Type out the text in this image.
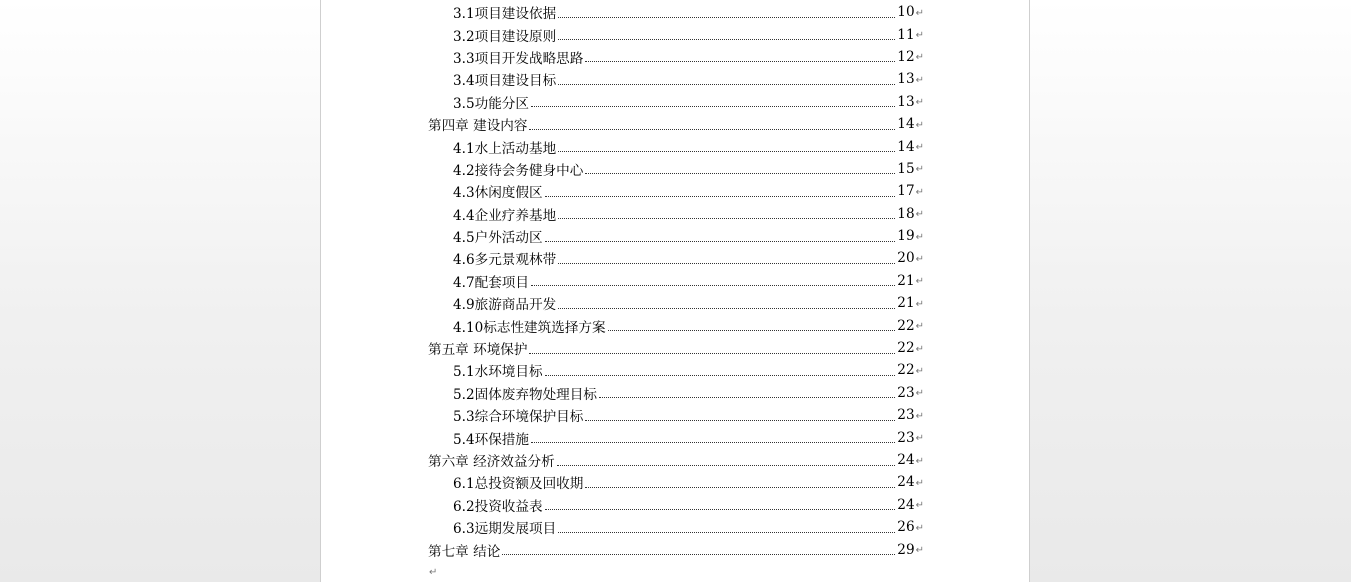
3.1项目建设依据	10 ↵
3.2项目建设原则	11 ↵
3.3项目开发战略思路	12 ↵
3.4项目建设目标	13 ↵
3.5功能分区	13 ↵
第四章 建设内容	14 ↵
4.1水上活动基地	14 ↵
4.2接待会务健身中心	15 ↵
4.3休闲度假区	17 ↵
4.4企业疗养基地	18 ↵
4.5户外活动区	19 ↵
4.6多元景观林带	20 ↵
4.7配套项目	21 ↵
4.9旅游商品开发	21 ↵
4.10标志性建筑选择方案	22 ↵
第五章 环境保护	22 ↵
5.1水环境目标	22 ↵
5.2固体废弃物处理目标	23 ↵
5.3综合环境保护目标	23 ↵
5.4环保措施	23 ↵
第六章 经济效益分析	24 ↵
6.1总投资额及回收期	24 ↵
6.2投资收益表	24 ↵
6.3远期发展项目	26 ↵
第七章 结论	29 ↵
↵
